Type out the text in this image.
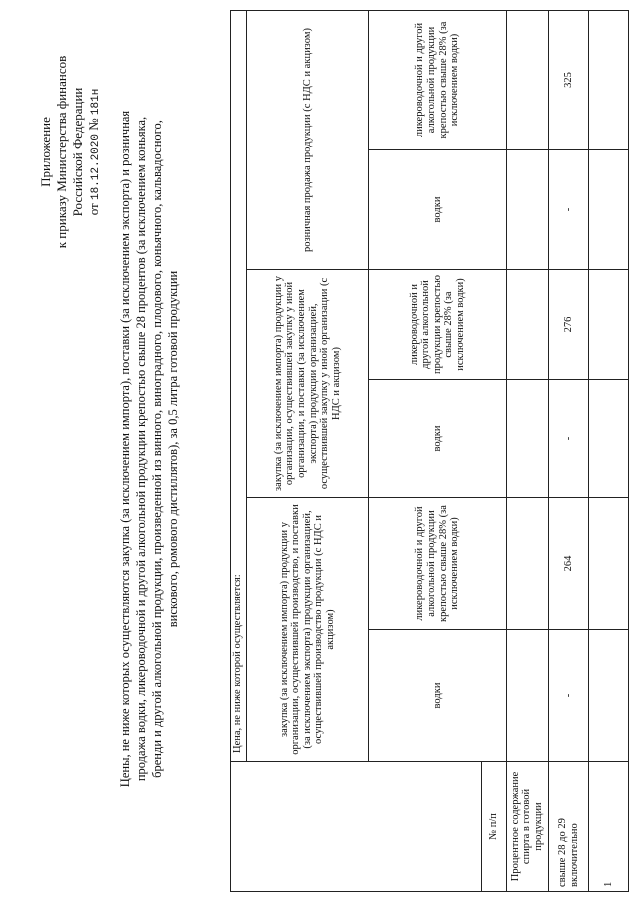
Приложение к приказу Министерства финансов Российской Федерации от 18.12.2020 № 181н
Цены, не ниже которых осуществляются закупка (за исключением импорта), поставки (за исключением экспорта) и розничная продажа водки, ликероводочной и другой алкогольной продукции крепостью свыше 28 процентов (за исключением коньяка, бренди и другой алкогольной продукции, произведенной из винного, виноградного, плодового, коньячного, кальвадосного, вискового, ромового дистиллятов), за 0,5 литра готовой продукции
№ п/п	Процентное содержание спирта в готовой продукции
Цена, не ниже которой осуществляется:	закупка (за исключением импорта) продукции у организации, осуществившей производство, и поставки (за исключением экспорта) продукции организацией, осуществившей производство продукции (с НДС и акцизом)
закупка (за исключением импорта) продукции у организации, осуществившей закупку у иной организации, и поставки (за исключением экспорта) продукции организацией, осуществившей закупку у иной организации (с НДС и акцизом)
розничная продажа продукции (с НДС и акцизом)
водки
ликероводочной и другой алкогольной продукции крепостью свыше 28% (за исключением водки)
водки
ликероводочной и другой алкогольной продукции крепостью свыше 28% (за исключением водки)
водки
ликероводочной и другой алкогольной продукции крепостью свыше 28% (за исключением водки)
свыше 28 до 29 включительно
-
264
-
276
-
325
1
